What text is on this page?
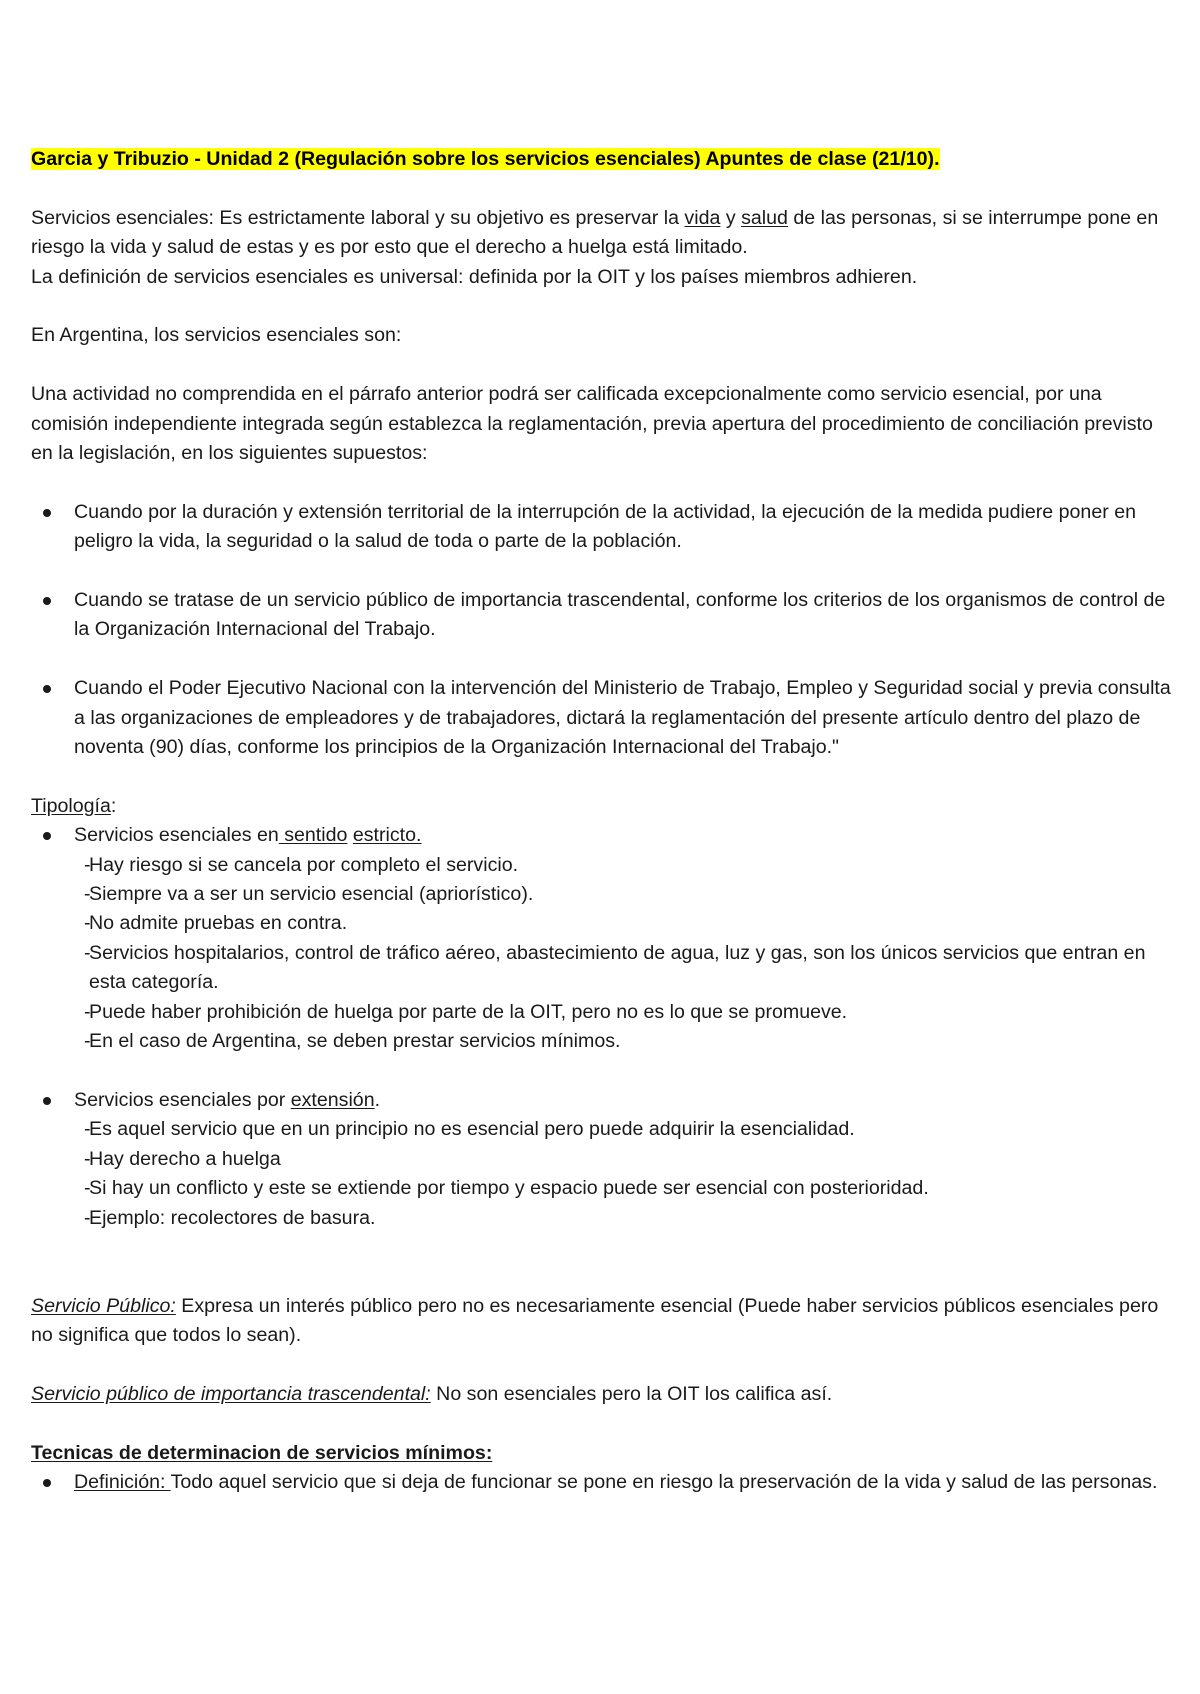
Garcia y Tribuzio - Unidad 2 (Regulación sobre los servicios esenciales) Apuntes de clase (21/10).

Servicios esenciales: Es estrictamente laboral y su objetivo es preservar la vida y salud de las personas, si se interrumpe pone en riesgo la vida y salud de estas y es por esto que el derecho a huelga está limitado.

La definición de servicios esenciales es universal: definida por la OIT y los países miembros adhieren.

En Argentina, los servicios esenciales son:

Una actividad no comprendida en el párrafo anterior podrá ser calificada excepcionalmente como servicio esencial, por una comisión independiente integrada según establezca la reglamentación, previa apertura del procedimiento de conciliación previsto en la legislación, en los siguientes supuestos:

Cuando por la duración y extensión territorial de la interrupción de la actividad, la ejecución de la medida pudiere poner en peligro la vida, la seguridad o la salud de toda o parte de la población.
Cuando se tratase de un servicio público de importancia trascendental, conforme los criterios de los organismos de control de la Organización Internacional del Trabajo.
Cuando el Poder Ejecutivo Nacional con la intervención del Ministerio de Trabajo, Empleo y Seguridad social y previa consulta a las organizaciones de empleadores y de trabajadores, dictará la reglamentación del presente artículo dentro del plazo de noventa (90) días, conforme los principios de la Organización Internacional del Trabajo."

Tipología:

Servicios esenciales en sentido estricto.
-
Hay riesgo si se cancela por completo el servicio.
-
Siempre va a ser un servicio esencial (apriorístico).
-
No admite pruebas en contra.
-
Servicios hospitalarios, control de tráfico aéreo, abastecimiento de agua, luz y gas, son los únicos servicios que entran en esta categoría.
-
Puede haber prohibición de huelga por parte de la OIT, pero no es lo que se promueve.
-
En el caso de Argentina, se deben prestar servicios mínimos.
Servicios esenciales por extensión.
-
Es aquel servicio que en un principio no es esencial pero puede adquirir la esencialidad.
-
Hay derecho a huelga
-
Si hay un conflicto y este se extiende por tiempo y espacio puede ser esencial con posterioridad.
-
Ejemplo: recolectores de basura.

Servicio Público: Expresa un interés público pero no es necesariamente esencial (Puede haber servicios públicos esenciales pero no significa que todos lo sean).

Servicio público de importancia trascendental: No son esenciales pero la OIT los califica así.

Tecnicas de determinacion de servicios mínimos:

Definición: Todo aquel servicio que si deja de funcionar se pone en riesgo la preservación de la vida y salud de las personas.
